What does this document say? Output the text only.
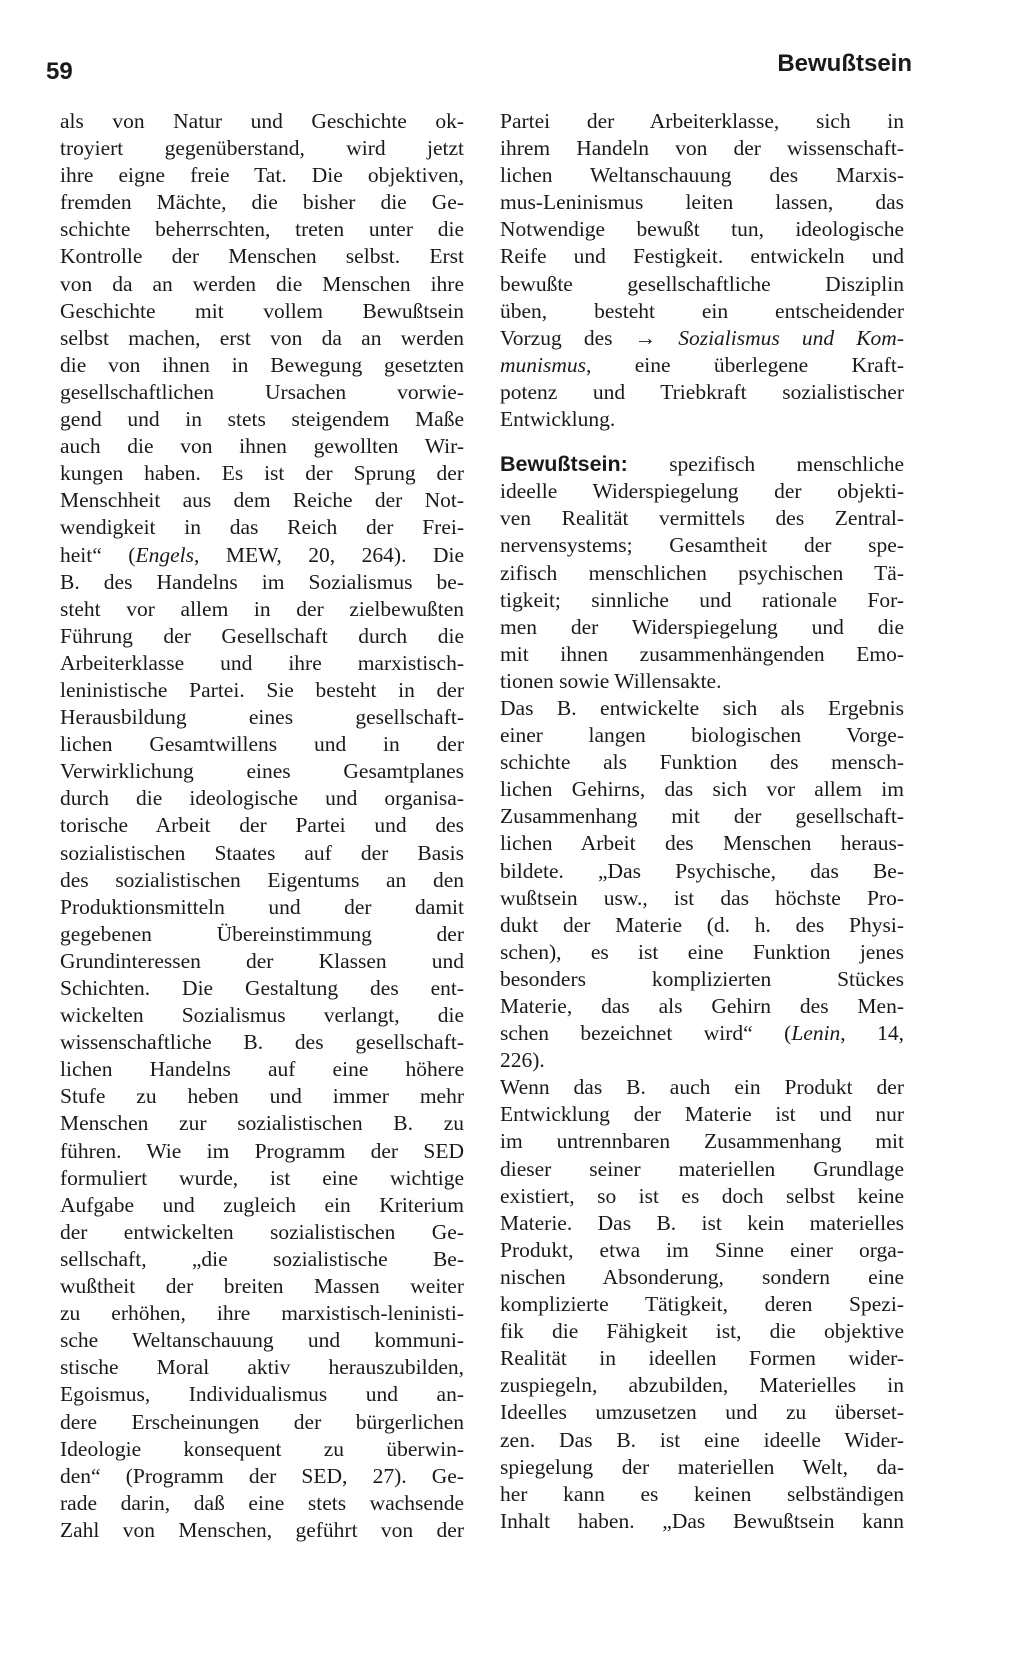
59	Bewußtsein
als von Natur und Geschichte ok-
troyiert gegenüberstand, wird jetzt
ihre eigne freie Tat. Die objektiven,
fremden Mächte, die bisher die Ge-
schichte beherrschten, treten unter die
Kontrolle der Menschen selbst. Erst
von da an werden die Menschen ihre
Geschichte mit vollem Bewußtsein
selbst machen, erst von da an werden
die von ihnen in Bewegung gesetzten
gesellschaftlichen Ursachen vorwie-
gend und in stets steigendem Maße
auch die von ihnen gewollten Wir-
kungen haben. Es ist der Sprung der
Menschheit aus dem Reiche der Not-
wendigkeit in das Reich der Frei-
heit“ (Engels, MEW, 20, 264). Die
B. des Handelns im Sozialismus be-
steht vor allem in der zielbewußten
Führung der Gesellschaft durch die
Arbeiterklasse und ihre marxistisch-
leninistische Partei. Sie besteht in der
Herausbildung eines gesellschaft-
lichen Gesamtwillens und in der
Verwirklichung eines Gesamtplanes
durch die ideologische und organisa-
torische Arbeit der Partei und des
sozialistischen Staates auf der Basis
des sozialistischen Eigentums an den
Produktionsmitteln und der damit
gegebenen Übereinstimmung der
Grundinteressen der Klassen und
Schichten. Die Gestaltung des ent-
wickelten Sozialismus verlangt, die
wissenschaftliche B. des gesellschaft-
lichen Handelns auf eine höhere
Stufe zu heben und immer mehr
Menschen zur sozialistischen B. zu
führen. Wie im Programm der SED
formuliert wurde, ist eine wichtige
Aufgabe und zugleich ein Kriterium
der entwickelten sozialistischen Ge-
sellschaft, „die sozialistische Be-
wußtheit der breiten Massen weiter
zu erhöhen, ihre marxistisch-leninisti-
sche Weltanschauung und kommuni-
stische Moral aktiv herauszubilden,
Egoismus, Individualismus und an-
dere Erscheinungen der bürgerlichen
Ideologie konsequent zu überwin-
den“ (Programm der SED, 27). Ge-
rade darin, daß eine stets wachsende
Zahl von Menschen, geführt von der
Partei der Arbeiterklasse, sich in
ihrem Handeln von der wissenschaft-
lichen Weltanschauung des Marxis-
mus-Leninismus leiten lassen, das
Notwendige bewußt tun, ideologische
Reife und Festigkeit. entwickeln und
bewußte gesellschaftliche Disziplin
üben, besteht ein entscheidender
Vorzug des → Sozialismus und Kom-
munismus, eine überlegene Kraft-
potenz und Triebkraft sozialistischer
Entwicklung.
Bewußtsein: spezifisch menschliche
ideelle Widerspiegelung der objekti-
ven Realität vermittels des Zentral-
nervensystems; Gesamtheit der spe-
zifisch menschlichen psychischen Tä-
tigkeit; sinnliche und rationale For-
men der Widerspiegelung und die
mit ihnen zusammenhängenden Emo-
tionen sowie Willensakte.
Das B. entwickelte sich als Ergebnis
einer langen biologischen Vorge-
schichte als Funktion des mensch-
lichen Gehirns, das sich vor allem im
Zusammenhang mit der gesellschaft-
lichen Arbeit des Menschen heraus-
bildete. „Das Psychische, das Be-
wußtsein usw., ist das höchste Pro-
dukt der Materie (d. h. des Physi-
schen), es ist eine Funktion jenes
besonders komplizierten Stückes
Materie, das als Gehirn des Men-
schen bezeichnet wird“ (Lenin, 14,
226).
Wenn das B. auch ein Produkt der
Entwicklung der Materie ist und nur
im untrennbaren Zusammenhang mit
dieser seiner materiellen Grundlage
existiert, so ist es doch selbst keine
Materie. Das B. ist kein materielles
Produkt, etwa im Sinne einer orga-
nischen Absonderung, sondern eine
komplizierte Tätigkeit, deren Spezi-
fik die Fähigkeit ist, die objektive
Realität in ideellen Formen wider-
zuspiegeln, abzubilden, Materielles in
Ideelles umzusetzen und zu überset-
zen. Das B. ist eine ideelle Wider-
spiegelung der materiellen Welt, da-
her kann es keinen selbständigen
Inhalt haben. „Das Bewußtsein kann
